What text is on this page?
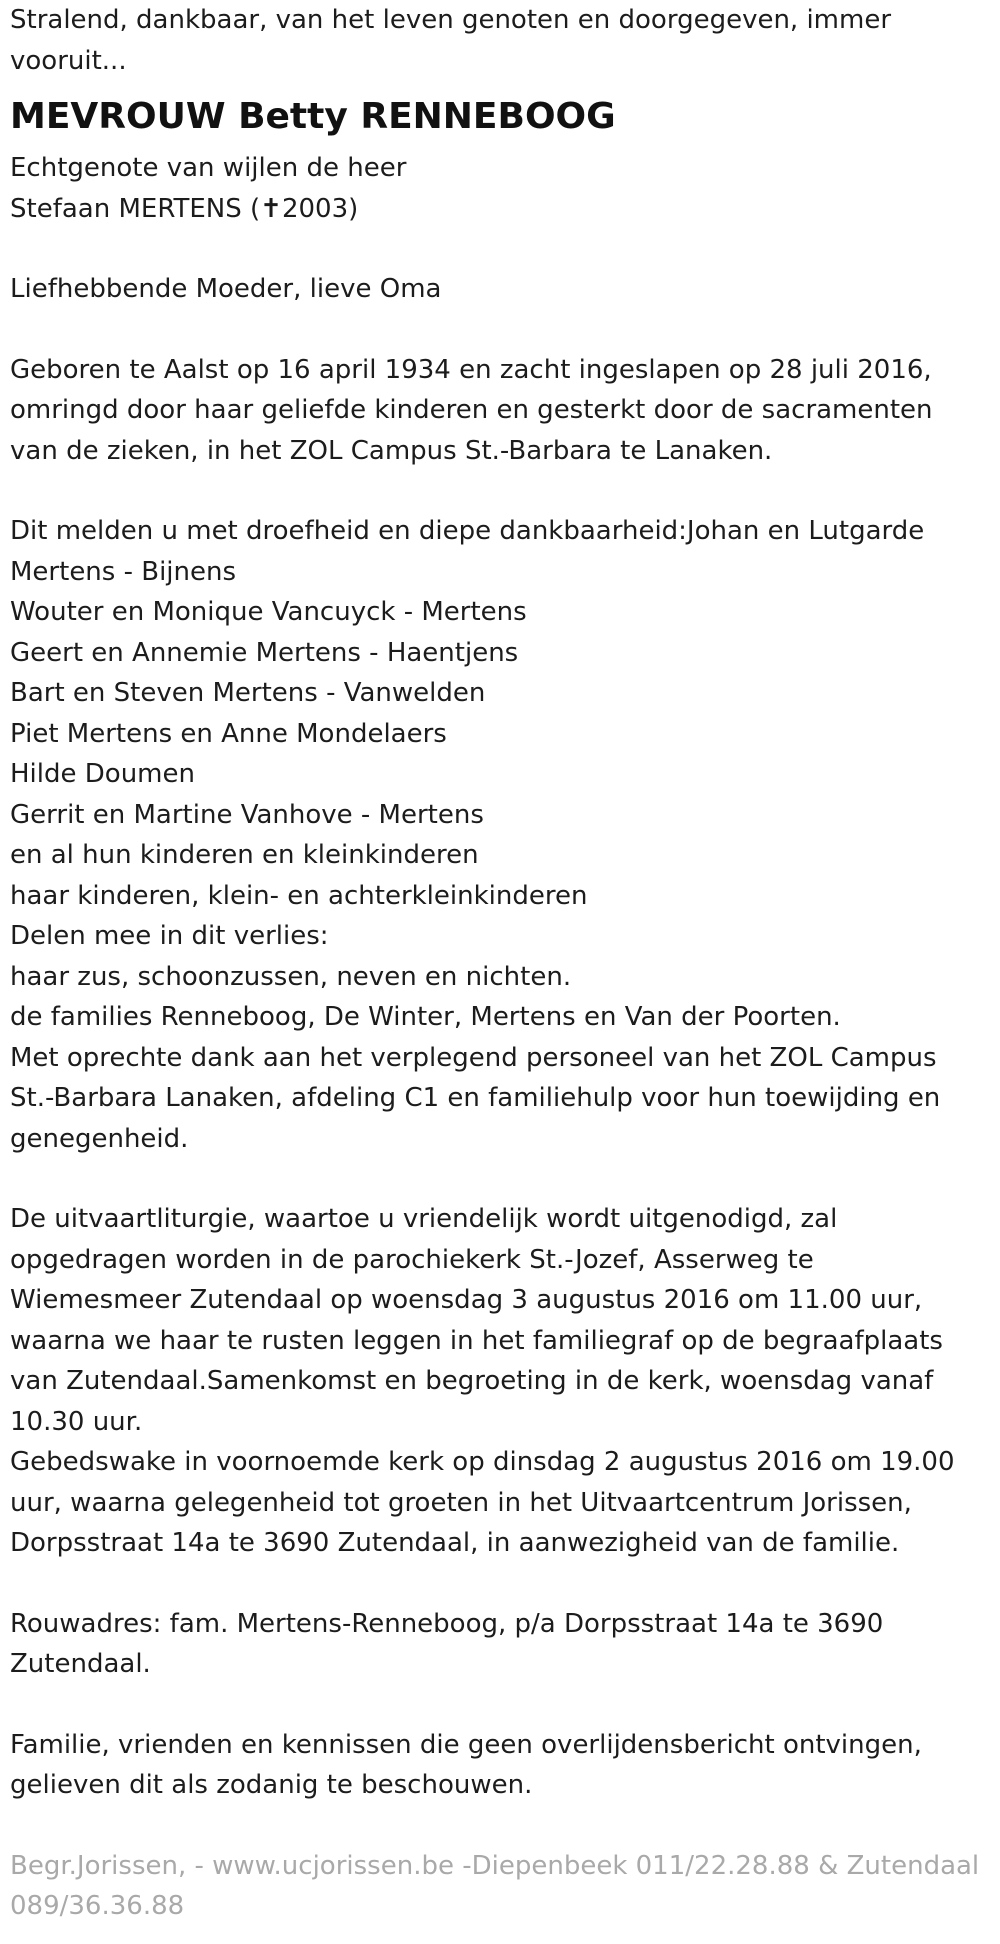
Stralend, dankbaar, van het leven genoten en doorgegeven, immer
vooruit...
MEVROUW Betty RENNEBOOG
Echtgenote van wijlen de heer
Stefaan MERTENS (✝2003)
Liefhebbende Moeder, lieve Oma
Geboren te Aalst op 16 april 1934 en zacht ingeslapen op 28 juli 2016,
omringd door haar geliefde kinderen en gesterkt door de sacramenten
van de zieken, in het ZOL Campus St.-Barbara te Lanaken.
Dit melden u met droefheid en diepe dankbaarheid:Johan en Lutgarde
Mertens - Bijnens
Wouter en Monique Vancuyck - Mertens
Geert en Annemie Mertens - Haentjens
Bart en Steven Mertens - Vanwelden
Piet Mertens en Anne Mondelaers
Hilde Doumen
Gerrit en Martine Vanhove - Mertens
en al hun kinderen en kleinkinderen
haar kinderen, klein- en achterkleinkinderen
Delen mee in dit verlies:
haar zus, schoonzussen, neven en nichten.
de families Renneboog, De Winter, Mertens en Van der Poorten.
Met oprechte dank aan het verplegend personeel van het ZOL Campus
St.-Barbara Lanaken, afdeling C1 en familiehulp voor hun toewijding en
genegenheid.
De uitvaartliturgie, waartoe u vriendelijk wordt uitgenodigd, zal
opgedragen worden in de parochiekerk St.-Jozef, Asserweg te
Wiemesmeer Zutendaal op woensdag 3 augustus 2016 om 11.00 uur,
waarna we haar te rusten leggen in het familiegraf op de begraafplaats
van Zutendaal.Samenkomst en begroeting in de kerk, woensdag vanaf
10.30 uur.
Gebedswake in voornoemde kerk op dinsdag 2 augustus 2016 om 19.00
uur, waarna gelegenheid tot groeten in het Uitvaartcentrum Jorissen,
Dorpsstraat 14a te 3690 Zutendaal, in aanwezigheid van de familie.
Rouwadres: fam. Mertens-Renneboog, p/a Dorpsstraat 14a te 3690
Zutendaal.
Familie, vrienden en kennissen die geen overlijdensbericht ontvingen,
gelieven dit als zodanig te beschouwen.
Begr.Jorissen, - www.ucjorissen.be -Diepenbeek 011/22.28.88 & Zutendaal
089/36.36.88
